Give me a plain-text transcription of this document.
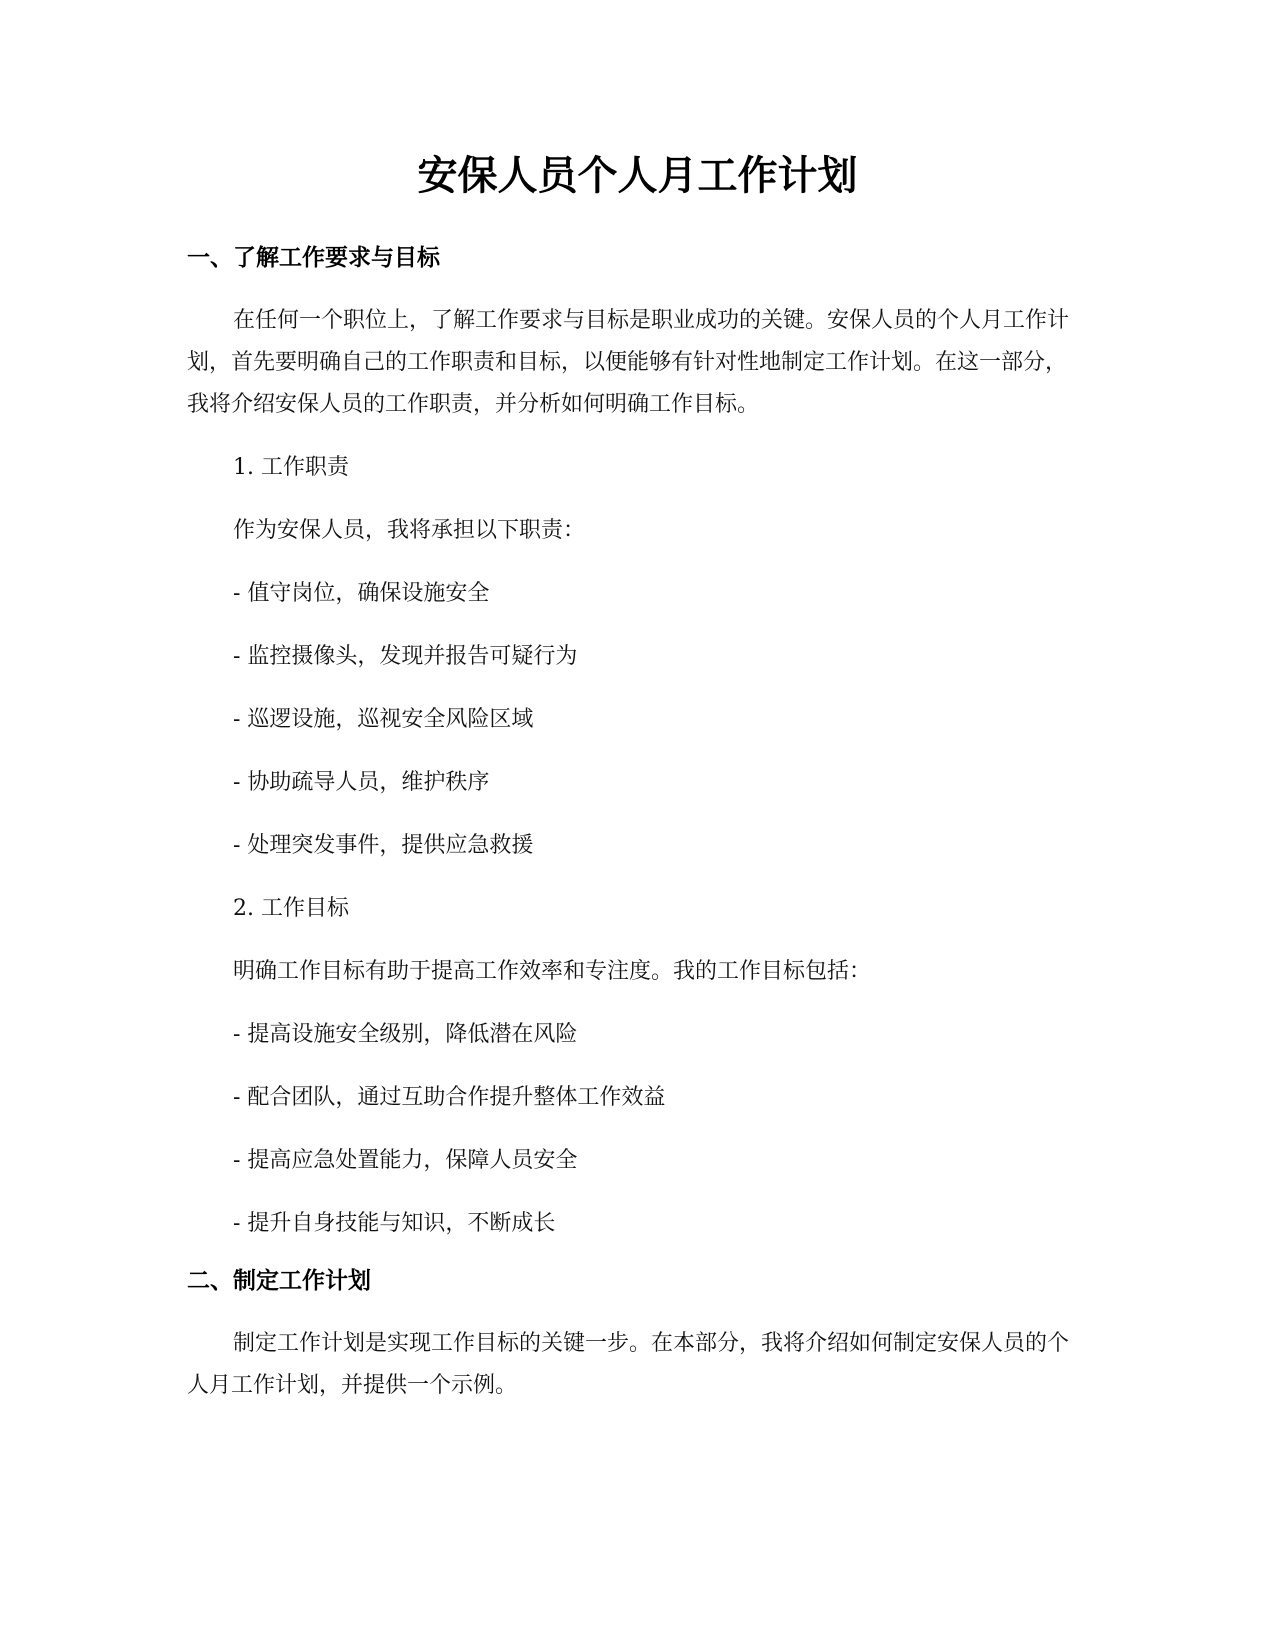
安保人员个人月工作计划
一、了解工作要求与目标

在任何一个职位上，了解工作要求与目标是职业成功的关键。安保人员的个人月工作计划，首先要明确自己的工作职责和目标，以便能够有针对性地制定工作计划。在这一部分，我将介绍安保人员的工作职责，并分析如何明确工作目标。

1. 工作职责

作为安保人员，我将承担以下职责：

- 值守岗位，确保设施安全

- 监控摄像头，发现并报告可疑行为

- 巡逻设施，巡视安全风险区域

- 协助疏导人员，维护秩序

- 处理突发事件，提供应急救援

2. 工作目标

明确工作目标有助于提高工作效率和专注度。我的工作目标包括：

- 提高设施安全级别，降低潜在风险

- 配合团队，通过互助合作提升整体工作效益

- 提高应急处置能力，保障人员安全

- 提升自身技能与知识，不断成长

二、制定工作计划

制定工作计划是实现工作目标的关键一步。在本部分，我将介绍如何制定安保人员的个人月工作计划，并提供一个示例。
